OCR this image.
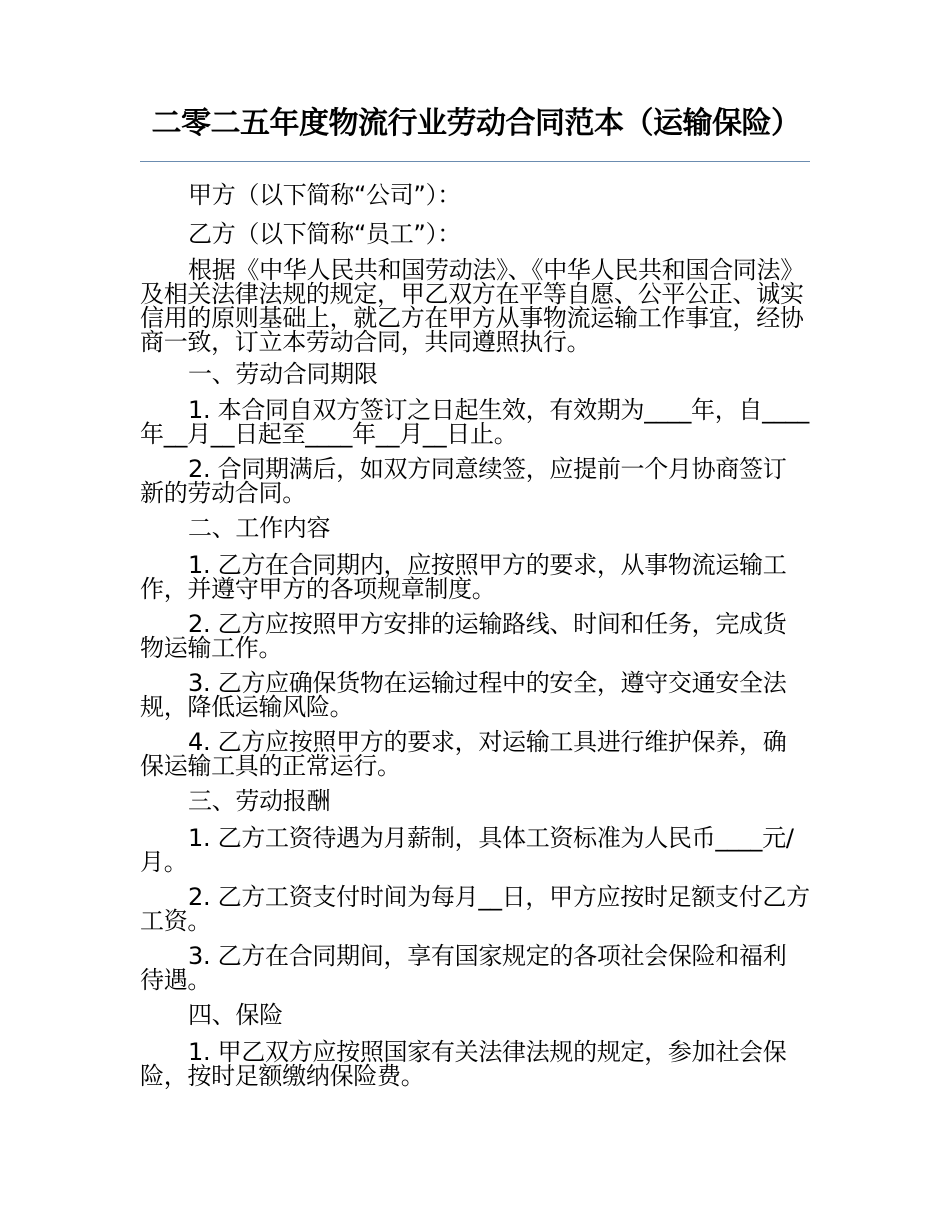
二零二五年度物流行业劳动合同范本（运输保险）

甲方（以下简称“公司”）：

乙方（以下简称“员工”）：

根据《中华人民共和国劳动法》、《中华人民共和国合同法》及相关法律法规的规定，甲乙双方在平等自愿、公平公正、诚实信用的原则基础上，就乙方在甲方从事物流运输工作事宜，经协商一致，订立本劳动合同，共同遵照执行。

一、劳动合同期限

1. 本合同自双方签订之日起生效，有效期为____年，自____年__月__日起至____年__月__日止。

2. 合同期满后，如双方同意续签，应提前一个月协商签订新的劳动合同。

二、工作内容

1. 乙方在合同期内，应按照甲方的要求，从事物流运输工作，并遵守甲方的各项规章制度。

2. 乙方应按照甲方安排的运输路线、时间和任务，完成货物运输工作。

3. 乙方应确保货物在运输过程中的安全，遵守交通安全法规，降低运输风险。

4. 乙方应按照甲方的要求，对运输工具进行维护保养，确保运输工具的正常运行。

三、劳动报酬

1. 乙方工资待遇为月薪制，具体工资标准为人民币____元/月。

2. 乙方工资支付时间为每月__日，甲方应按时足额支付乙方工资。

3. 乙方在合同期间，享有国家规定的各项社会保险和福利待遇。

四、保险

1. 甲乙双方应按照国家有关法律法规的规定，参加社会保险，按时足额缴纳保险费。
